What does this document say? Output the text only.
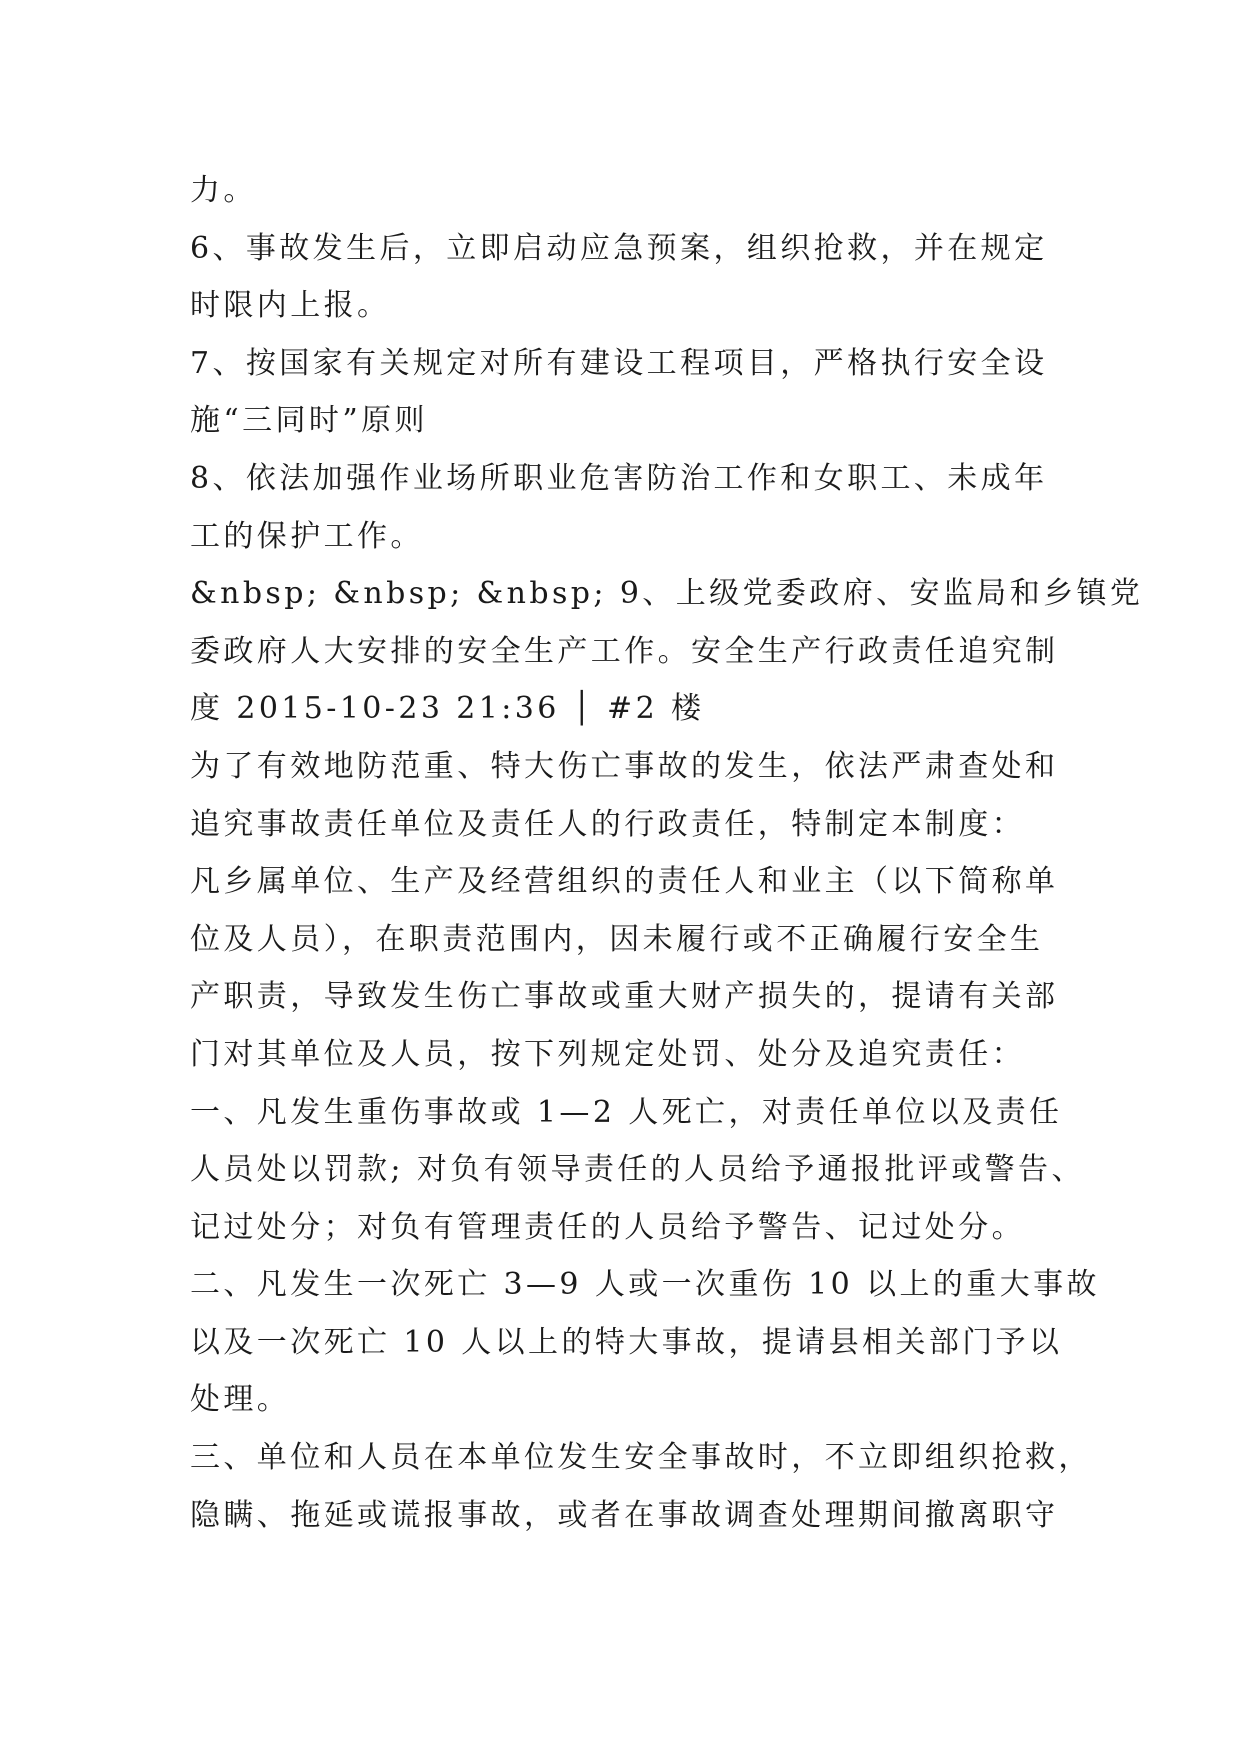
力。
6、事故发生后，立即启动应急预案，组织抢救，并在规定
时限内上报。
7、按国家有关规定对所有建设工程项目，严格执行安全设
施“三同时”原则
8、依法加强作业场所职业危害防治工作和女职工、未成年
工的保护工作。
&nbsp; &nbsp; &nbsp; 9、上级党委政府、安监局和乡镇党
委政府人大安排的安全生产工作。安全生产行政责任追究制
度 2015-10-23 21:36 │ #2 楼
为了有效地防范重、特大伤亡事故的发生，依法严肃查处和
追究事故责任单位及责任人的行政责任，特制定本制度：
凡乡属单位、生产及经营组织的责任人和业主（以下简称单
位及人员），在职责范围内，因未履行或不正确履行安全生
产职责，导致发生伤亡事故或重大财产损失的，提请有关部
门对其单位及人员，按下列规定处罚、处分及追究责任：
一、凡发生重伤事故或 1—2 人死亡，对责任单位以及责任
人员处以罚款; 对负有领导责任的人员给予通报批评或警告、
记过处分；对负有管理责任的人员给予警告、记过处分。
二、凡发生一次死亡 3—9 人或一次重伤 10 以上的重大事故
以及一次死亡 10 人以上的特大事故，提请县相关部门予以
处理。
三、单位和人员在本单位发生安全事故时，不立即组织抢救，
隐瞒、拖延或谎报事故，或者在事故调查处理期间撤离职守
